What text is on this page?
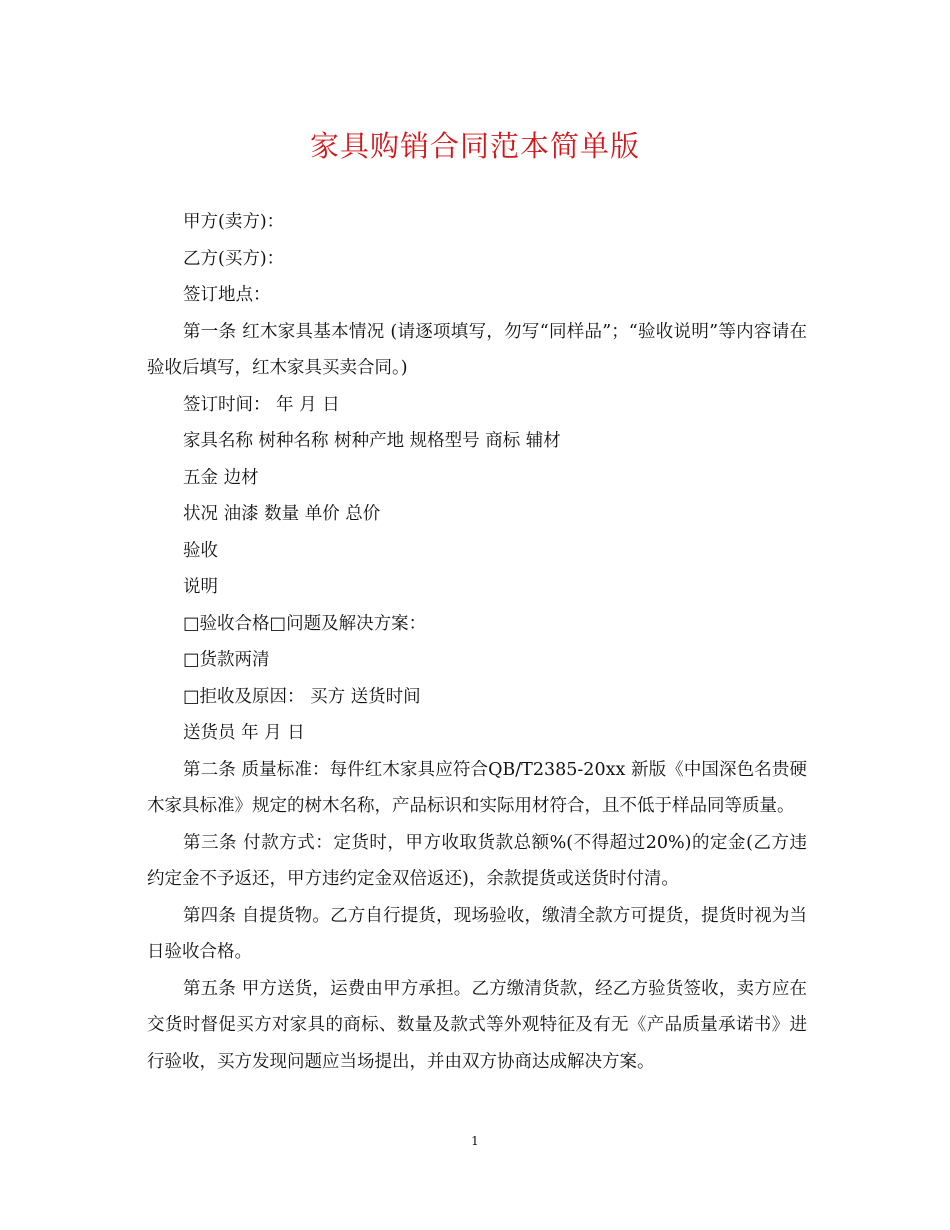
家具购销合同范本简单版

甲方(卖方)：

乙方(买方)：

签订地点：

第一条 红木家具基本情况 (请逐项填写，勿写“同样品”；“验收说明”等内容请在验收后填写，红木家具买卖合同。)

签订时间： 年 月 日

家具名称 树种名称 树种产地 规格型号 商标 辅材

五金 边材

状况 油漆 数量 单价 总价

验收

说明

□验收合格□问题及解决方案：

□货款两清

□拒收及原因： 买方 送货时间

送货员 年 月 日

第二条 质量标准：每件红木家具应符合QB/T2385-20xx 新版《中国深色名贵硬木家具标准》规定的树木名称，产品标识和实际用材符合，且不低于样品同等质量。

第三条 付款方式：定货时，甲方收取货款总额%(不得超过20%)的定金(乙方违约定金不予返还，甲方违约定金双倍返还)，余款提货或送货时付清。

第四条 自提货物。乙方自行提货，现场验收，缴清全款方可提货，提货时视为当日验收合格。

第五条 甲方送货，运费由甲方承担。乙方缴清货款，经乙方验货签收，卖方应在交货时督促买方对家具的商标、数量及款式等外观特征及有无《产品质量承诺书》进行验收，买方发现问题应当场提出，并由双方协商达成解决方案。

1
